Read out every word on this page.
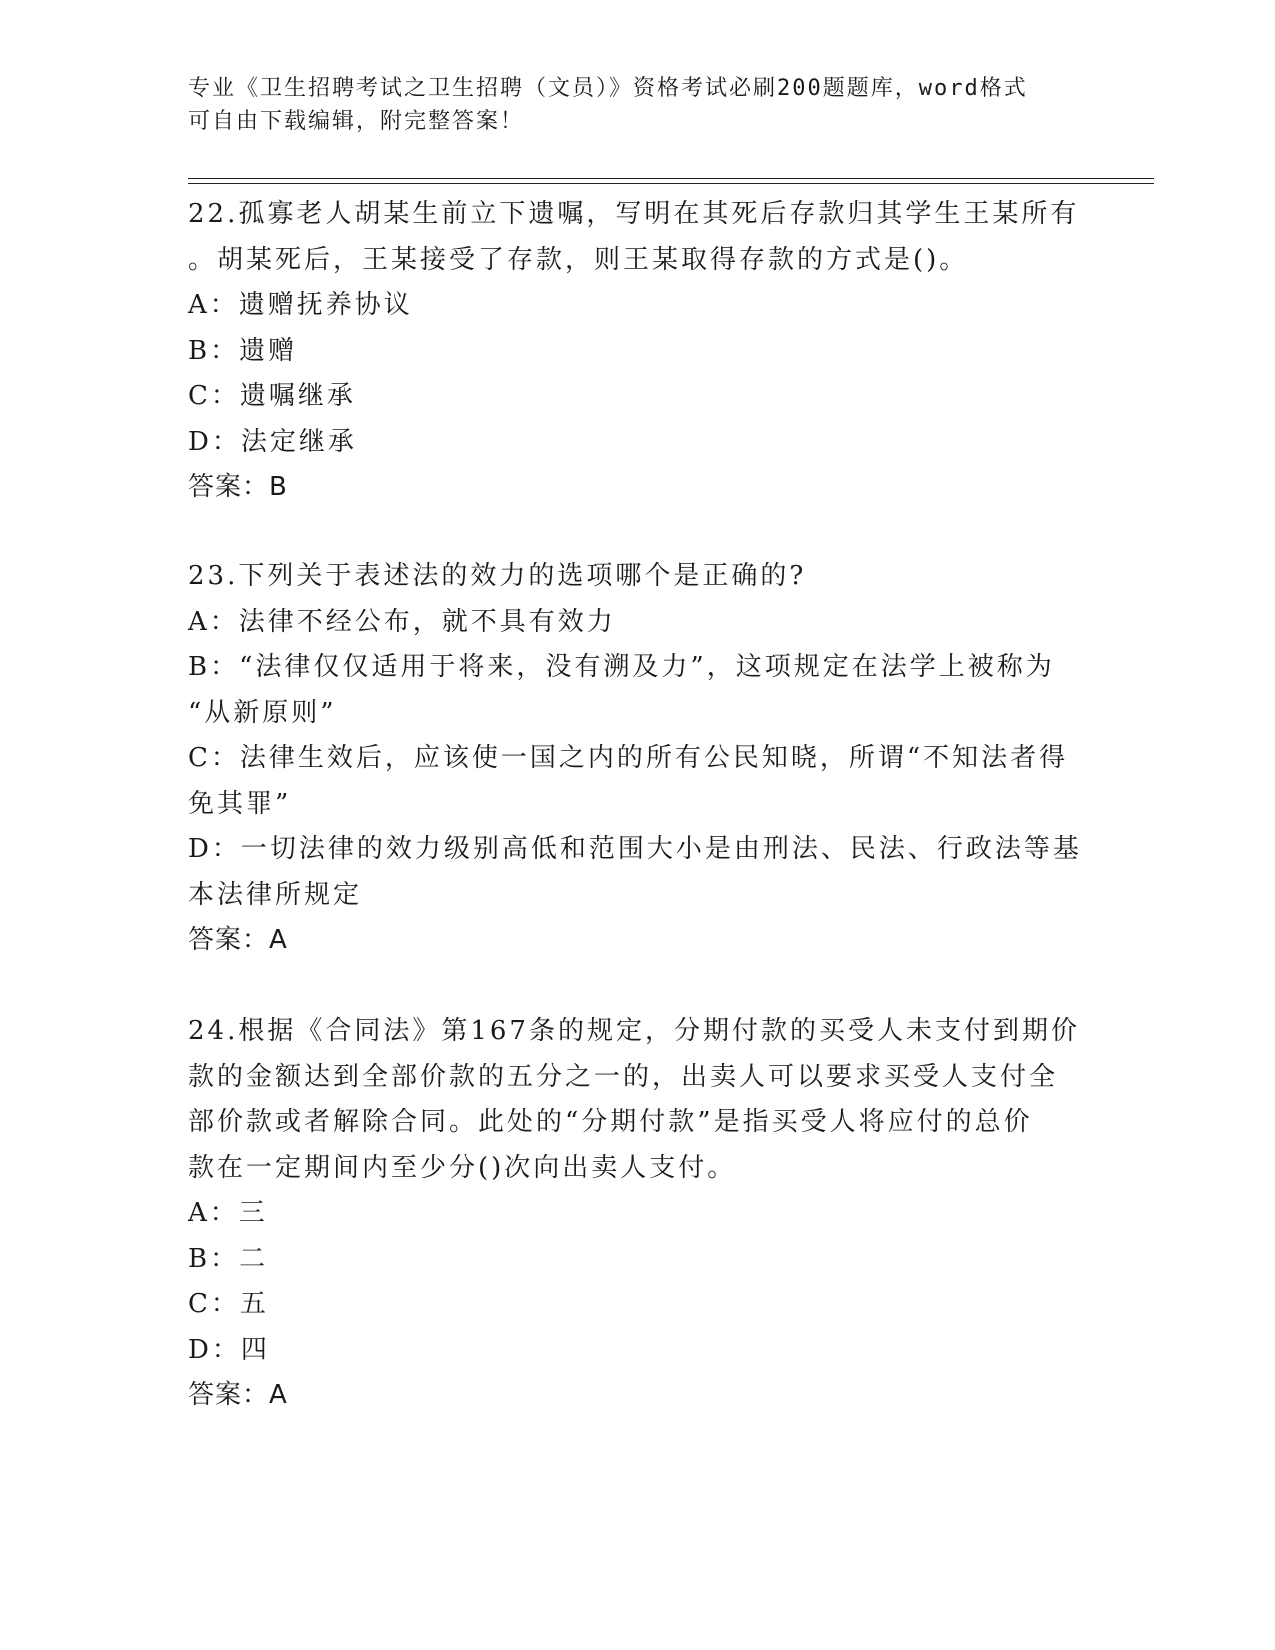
专业《卫生招聘考试之卫生招聘（文员）》资格考试必刷200题题库，word格式
可自由下载编辑，附完整答案！
22.孤寡老人胡某生前立下遗嘱，写明在其死后存款归其学生王某所有
。胡某死后，王某接受了存款，则王某取得存款的方式是()。
A：遗赠抚养协议
B：遗赠
C：遗嘱继承
D：法定继承
答案：B
23.下列关于表述法的效力的选项哪个是正确的?
A：法律不经公布，就不具有效力
B：“法律仅仅适用于将来，没有溯及力”，这项规定在法学上被称为
“从新原则”
C：法律生效后，应该使一国之内的所有公民知晓，所谓“不知法者得
免其罪”
D：一切法律的效力级别高低和范围大小是由刑法、民法、行政法等基
本法律所规定
答案：A
24.根据《合同法》第167条的规定，分期付款的买受人未支付到期价
款的金额达到全部价款的五分之一的，出卖人可以要求买受人支付全
部价款或者解除合同。此处的“分期付款”是指买受人将应付的总价
款在一定期间内至少分()次向出卖人支付。
A：三
B：二
C：五
D：四
答案：A
